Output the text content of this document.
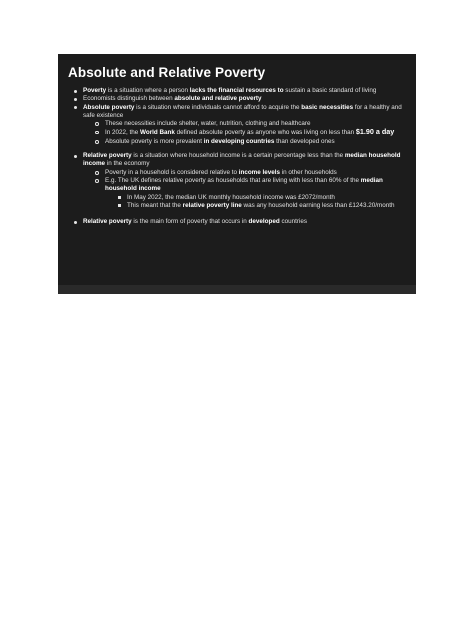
Absolute and Relative Poverty
Poverty is a situation where a person lacks the financial resources to sustain a basic standard of living
Economists distinguish between absolute and relative poverty
Absolute poverty is a situation where individuals cannot afford to acquire the basic necessities for a healthy and safe existence
These necessities include shelter, water, nutrition, clothing and healthcare
In 2022, the World Bank defined absolute poverty as anyone who was living on less than $1.90 a day
Absolute poverty is more prevalent in developing countries than developed ones
Relative poverty is a situation where household income is a certain percentage less than the median household income in the economy
Poverty in a household is considered relative to income levels in other households
E.g. The UK defines relative poverty as households that are living with less than 60% of the median household income
In May 2022, the median UK monthly household income was £2072/month
This meant that the relative poverty line was any household earning less than £1243.20/month
Relative poverty is the main form of poverty that occurs in developed countries
